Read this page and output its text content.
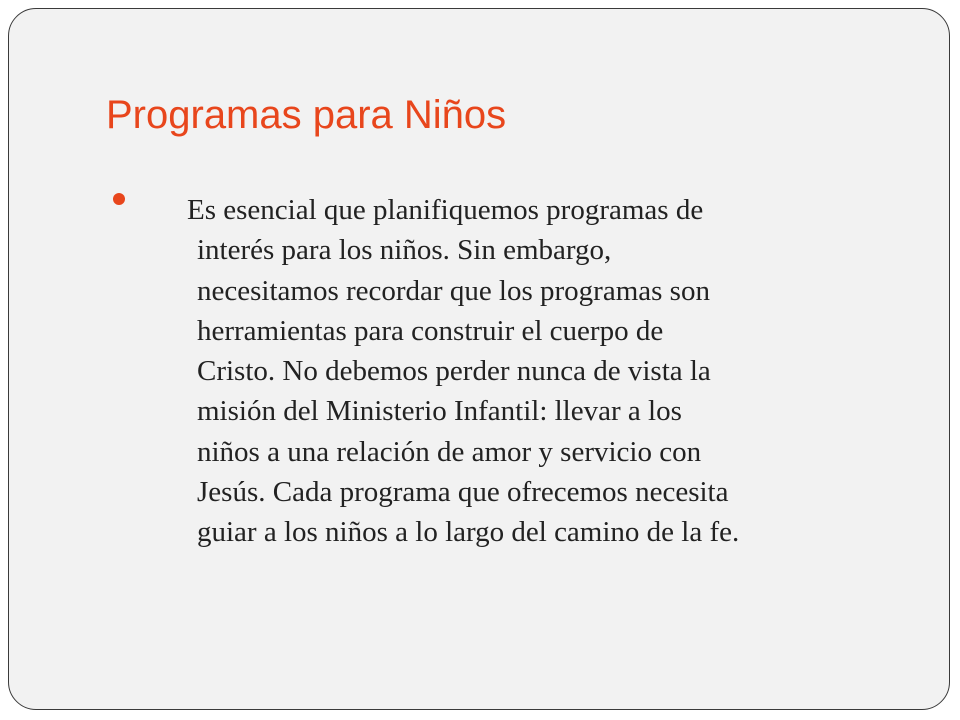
Programas para Niños

Es esencial que planifiquemos programas de
interés para los niños. Sin embargo,
necesitamos recordar que los programas son
herramientas para construir el cuerpo de
Cristo. No debemos perder nunca de vista la
misión del Ministerio Infantil: llevar a los
niños a una relación de amor y servicio con
Jesús. Cada programa que ofrecemos necesita
guiar a los niños a lo largo del camino de la fe.
